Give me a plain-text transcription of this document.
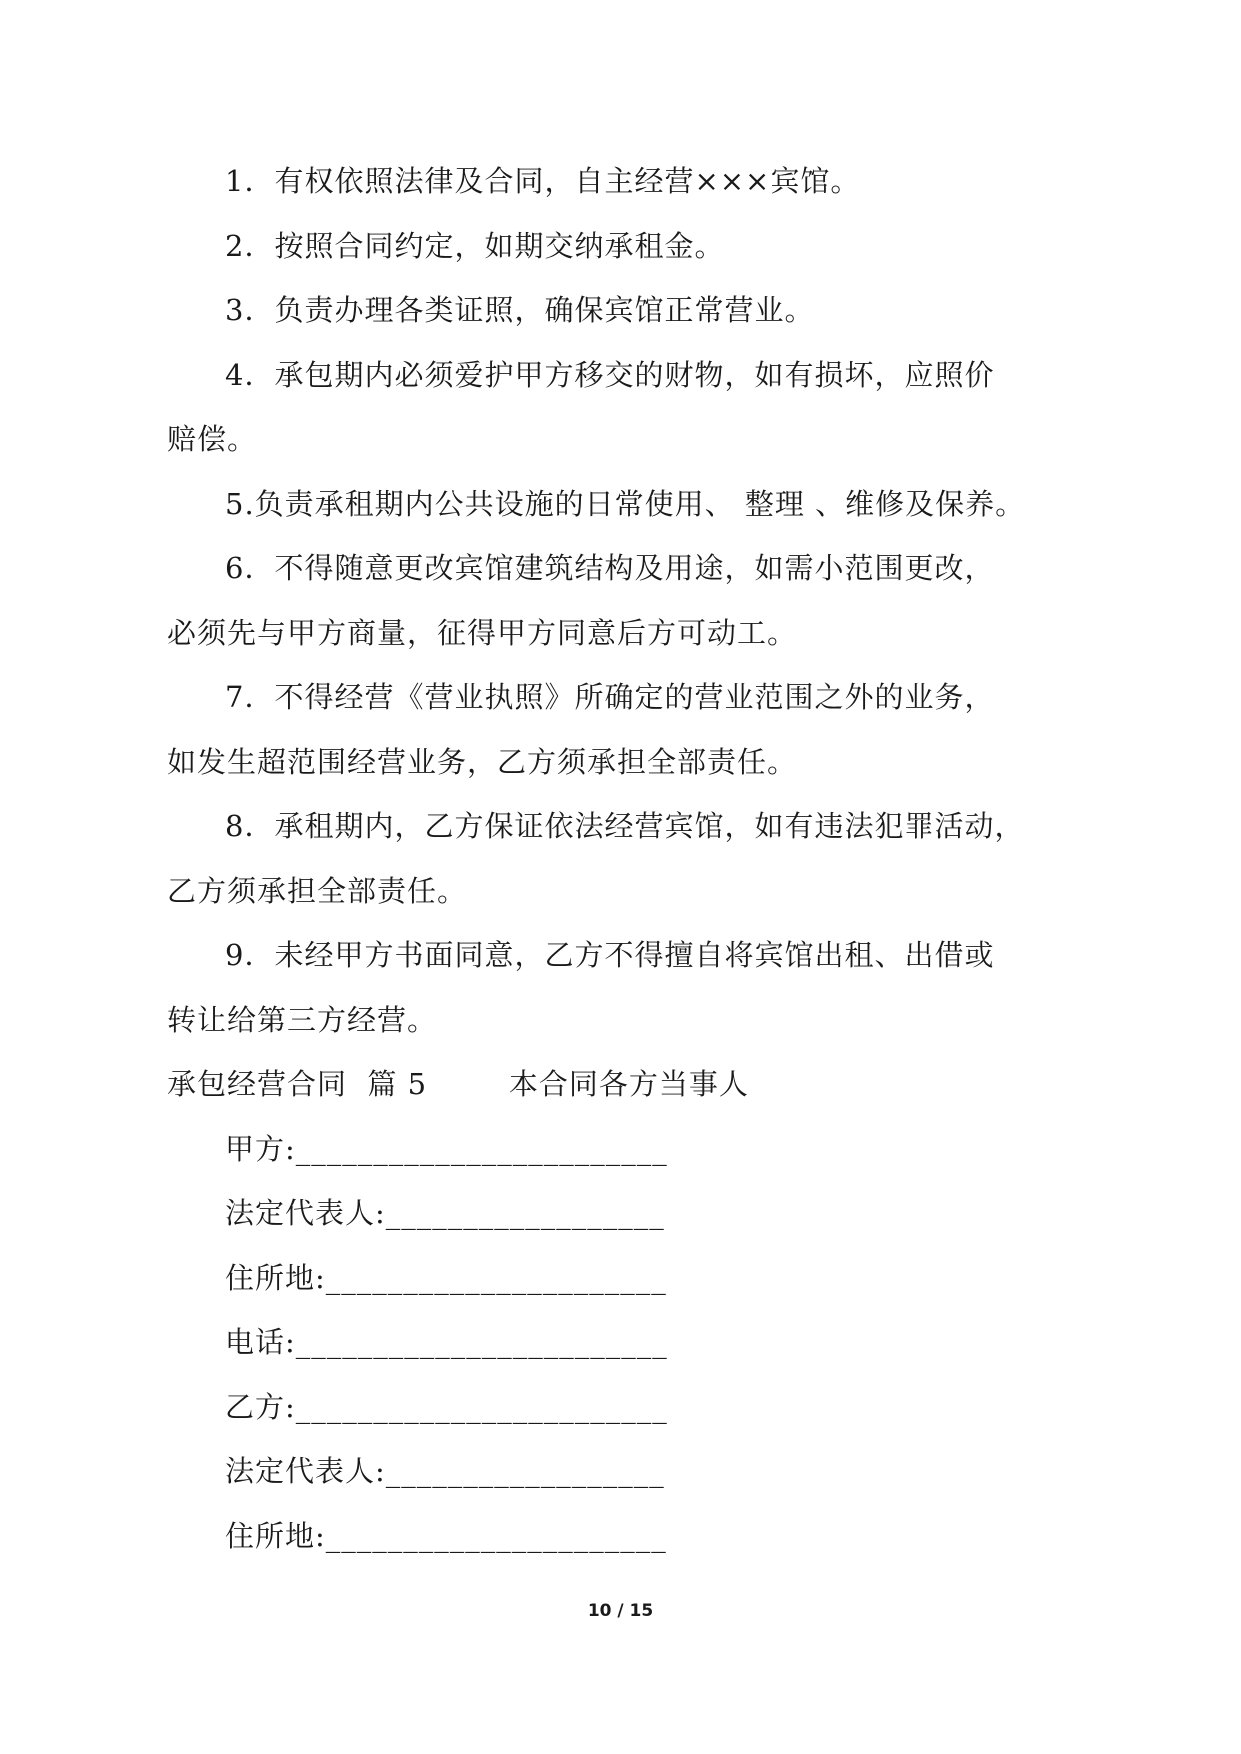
1．有权依照法律及合同，自主经营×××宾馆。
2．按照合同约定，如期交纳承租金。
3．负责办理各类证照，确保宾馆正常营业。
4．承包期内必须爱护甲方移交的财物，如有损坏，应照价
赔偿。
5.负责承租期内公共设施的日常使用、 整理 、维修及保养。
6．不得随意更改宾馆建筑结构及用途，如需小范围更改，
必须先与甲方商量，征得甲方同意后方可动工。
7．不得经营《营业执照》所确定的营业范围之外的业务，
如发生超范围经营业务，乙方须承担全部责任。
8．承租期内，乙方保证依法经营宾馆，如有违法犯罪活动，
乙方须承担全部责任。
9．未经甲方书面同意，乙方不得擅自将宾馆出租、出借或
转让给第三方经营。
承包经营合同  篇 5        本合同各方当事人
甲方:________________________
法定代表人:__________________
住所地:______________________
电话:________________________
乙方:________________________
法定代表人:__________________
住所地:______________________
10 / 15
